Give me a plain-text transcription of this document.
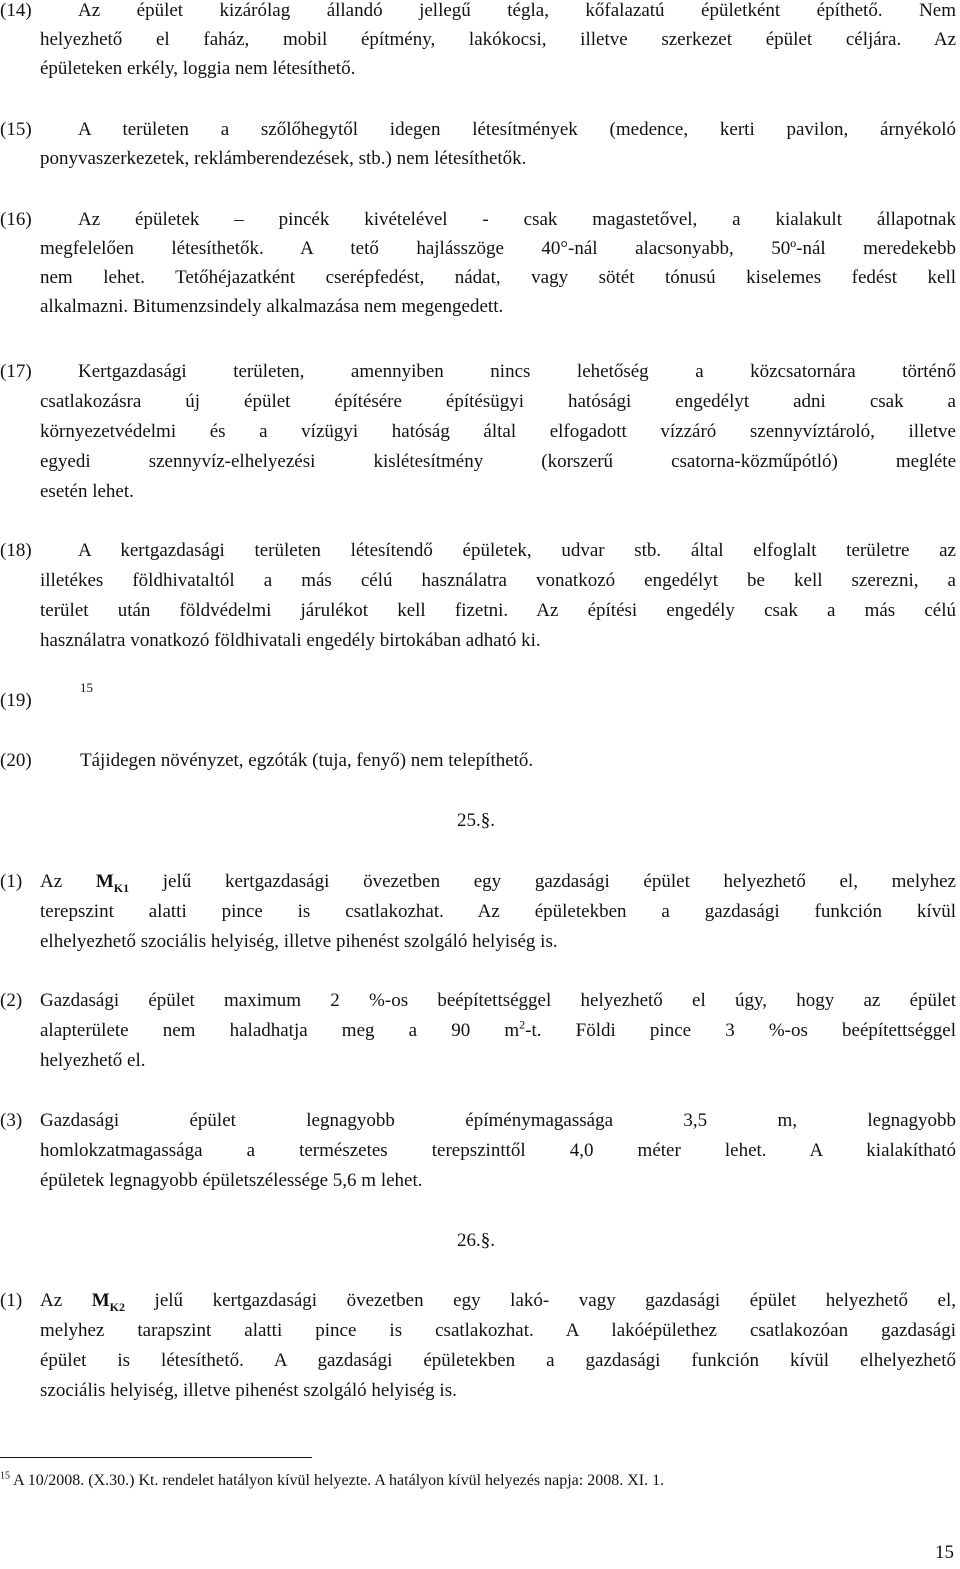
(14) Az épület kizárólag állandó jellegű tégla, kőfalazatú épületként építhető. Nem
helyezhető el faház, mobil építmény, lakókocsi, illetve szerkezet épület céljára. Az
épületeken erkély, loggia nem létesíthető.
(15) A területen a szőlőhegytől idegen létesítmények (medence, kerti pavilon, árnyékoló
ponyvaszerkezetek, reklámberendezések, stb.) nem létesíthetők.
(16) Az épületek – pincék kivételével - csak magastetővel, a kialakult állapotnak
megfelelően létesíthetők. A tető hajlásszöge 40°-nál alacsonyabb, 50º-nál meredekebb
nem lehet. Tetőhéjazatként cserépfedést, nádat, vagy sötét tónusú kiselemes fedést kell
alkalmazni. Bitumenzsindely alkalmazása nem megengedett.
(17) Kertgazdasági területen, amennyiben nincs lehetőség a közcsatornára történő
csatlakozásra új épület építésére építésügyi hatósági engedélyt adni csak a
környezetvédelmi és a vízügyi hatóság által elfogadott vízzáró szennyvíztároló, illetve
egyedi szennyvíz-elhelyezési kislétesítmény (korszerű csatorna-közműpótló) megléte
esetén lehet.
(18) A kertgazdasági területen létesítendő épületek, udvar stb. által elfoglalt területre az
illetékes földhivataltól a más célú használatra vonatkozó engedélyt be kell szerezni, a
terület után földvédelmi járulékot kell fizetni. Az építési engedély csak a más célú
használatra vonatkozó földhivatali engedély birtokában adható ki.
(19)
15
(20)	Tájidegen növényzet, egzóták (tuja, fenyő) nem telepíthető.
25.§.
(1) Az $M_{K1}$ jelű kertgazdasági övezetben egy gazdasági épület helyezhető el, melyhez
terepszint alatti pince is csatlakozhat. Az épületekben a gazdasági funkción kívül
elhelyezhető szociális helyiség, illetve pihenést szolgáló helyiség is.
(2) Gazdasági épület maximum 2 %-os beépítettséggel helyezhető el úgy, hogy az épület
alapterülete nem haladhatja meg a 90 $m^2-t$. Földi pince 3 %-os beépítettséggel
helyezhető el.
(3) Gazdasági épület legnagyobb épíménymagassága 3,5 m, legnagyobb
homlokzatmagassága a természetes terepszinttől 4,0 méter lehet. A kialakítható
épületek legnagyobb épületszélessége 5,6 m lehet.
26.§.
(1) Az $M_{K2}$ jelű kertgazdasági övezetben egy lakó- vagy gazdasági épület helyezhető el,
melyhez tarapszint alatti pince is csatlakozhat. A lakóépülethez csatlakozóan gazdasági
épület is létesíthető. A gazdasági épületekben a gazdasági funkción kívül elhelyezhető
szociális helyiség, illetve pihenést szolgáló helyiség is.
$^{15}$ A 10/2008. (X.30.) Kt. rendelet hatályon kívül helyezte. A hatályon kívül helyezés napja: 2008. XI. 1.
15
